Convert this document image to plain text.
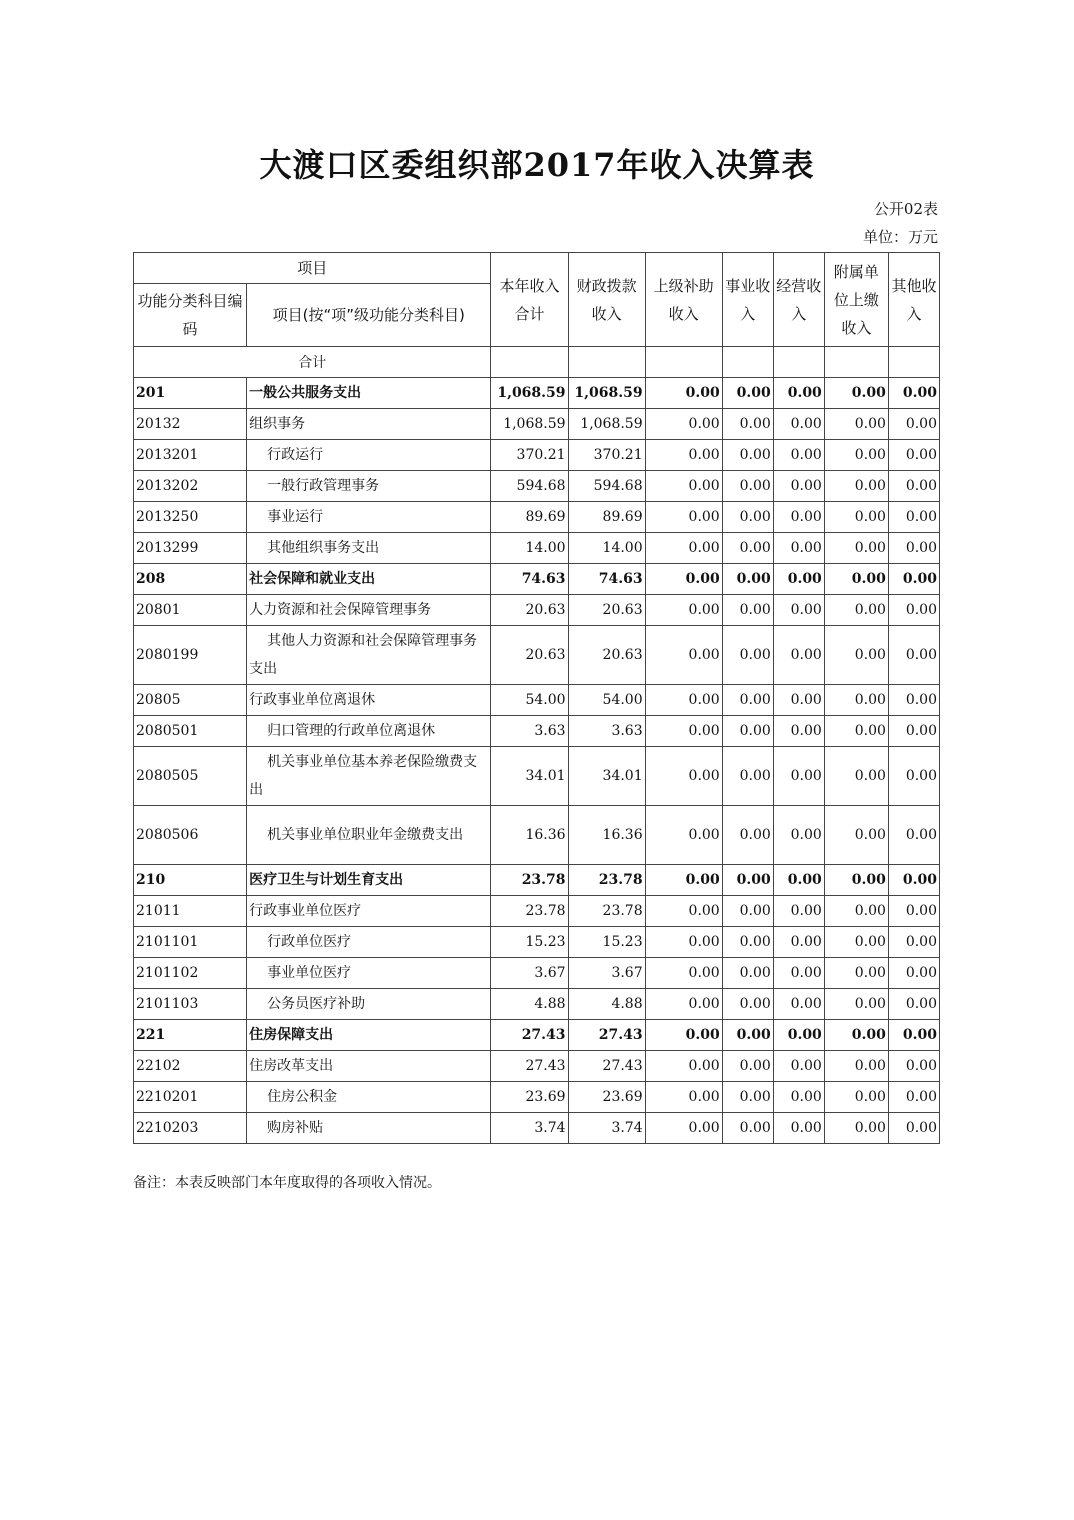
大渡口区委组织部2017年收入决算表
公开02表
单位：万元
项目		本年收入合计	财政拨款收入	上级补助收入	事业收入	经营收入	附属单位上缴收入	其他收入
功能分类科目编码	项目(按“项”级功能分类科目)							
合计								
201	一般公共服务支出	1,068.59	1,068.59	0.00	0.00	0.00	0.00	0.00
20132	组织事务	1,068.59	1,068.59	0.00	0.00	0.00	0.00	0.00
2013201	行政运行	370.21	370.21	0.00	0.00	0.00	0.00	0.00
2013202	一般行政管理事务	594.68	594.68	0.00	0.00	0.00	0.00	0.00
2013250	事业运行	89.69	89.69	0.00	0.00	0.00	0.00	0.00
2013299	其他组织事务支出	14.00	14.00	0.00	0.00	0.00	0.00	0.00
208	社会保障和就业支出	74.63	74.63	0.00	0.00	0.00	0.00	0.00
20801	人力资源和社会保障管理事务	20.63	20.63	0.00	0.00	0.00	0.00	0.00
2080199	其他人力资源和社会保障管理事务支出	20.63	20.63	0.00	0.00	0.00	0.00	0.00
20805	行政事业单位离退休	54.00	54.00	0.00	0.00	0.00	0.00	0.00
2080501	归口管理的行政单位离退休	3.63	3.63	0.00	0.00	0.00	0.00	0.00
2080505	机关事业单位基本养老保险缴费支出	34.01	34.01	0.00	0.00	0.00	0.00	0.00
2080506	机关事业单位职业年金缴费支出	16.36	16.36	0.00	0.00	0.00	0.00	0.00
210	医疗卫生与计划生育支出	23.78	23.78	0.00	0.00	0.00	0.00	0.00
21011	行政事业单位医疗	23.78	23.78	0.00	0.00	0.00	0.00	0.00
2101101	行政单位医疗	15.23	15.23	0.00	0.00	0.00	0.00	0.00
2101102	事业单位医疗	3.67	3.67	0.00	0.00	0.00	0.00	0.00
2101103	公务员医疗补助	4.88	4.88	0.00	0.00	0.00	0.00	0.00
221	住房保障支出	27.43	27.43	0.00	0.00	0.00	0.00	0.00
22102	住房改革支出	27.43	27.43	0.00	0.00	0.00	0.00	0.00
2210201	住房公积金	23.69	23.69	0.00	0.00	0.00	0.00	0.00
2210203	购房补贴	3.74	3.74	0.00	0.00	0.00	0.00	0.00
备注：本表反映部门本年度取得的各项收入情况。
